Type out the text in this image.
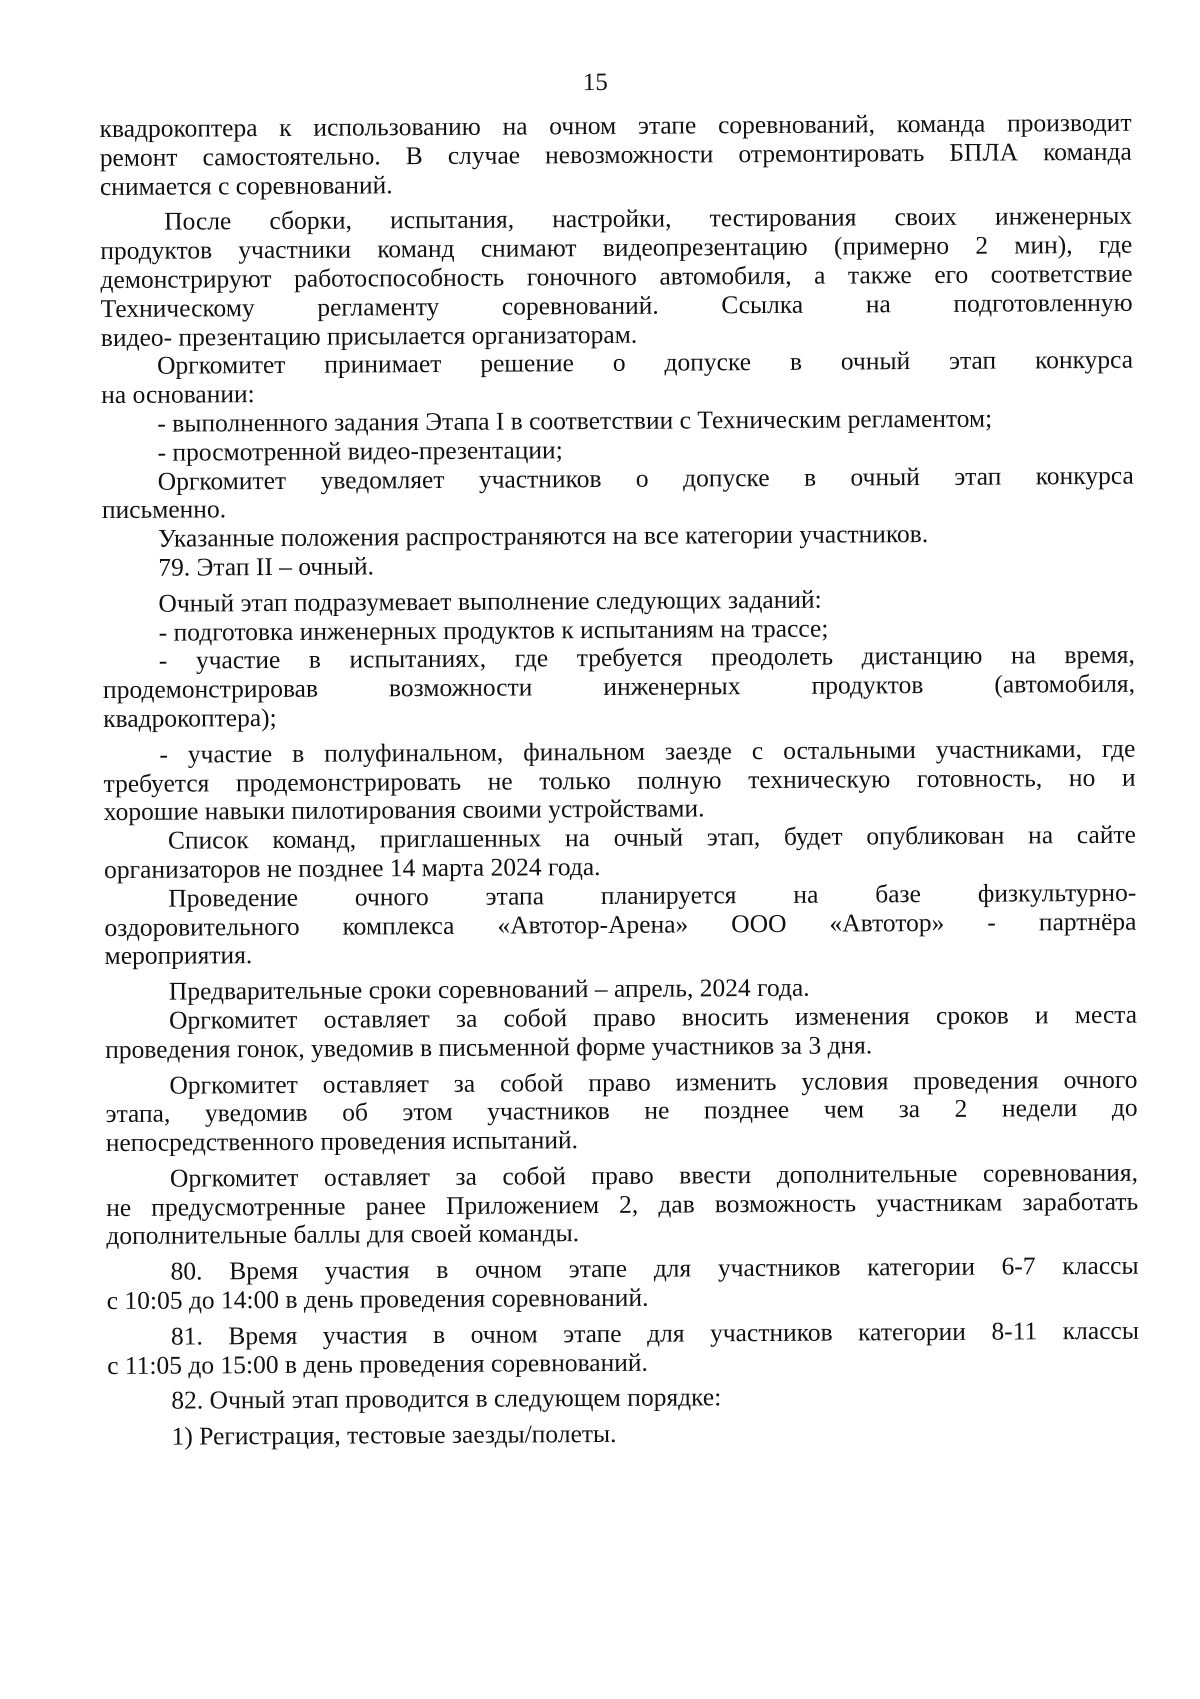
15
квадрокоптера к использованию на очном этапе соревнований, команда производит
ремонт самостоятельно. В случае невозможности отремонтировать БПЛА команда
снимается с соревнований.
После сборки, испытания, настройки, тестирования своих инженерных
продуктов участники команд снимают видеопрезентацию (примерно 2 мин), где
демонстрируют работоспособность гоночного автомобиля, а также его соответствие
Техническому регламенту соревнований. Ссылка на подготовленную
видео- презентацию присылается организаторам.
Оргкомитет принимает решение о допуске в очный этап конкурса
на основании:
- выполненного задания Этапа I в соответствии с Техническим регламентом;
- просмотренной видео-презентации;
Оргкомитет уведомляет участников о допуске в очный этап конкурса
письменно.
Указанные положения распространяются на все категории участников.
79. Этап II – очный.
Очный этап подразумевает выполнение следующих заданий:
- подготовка инженерных продуктов к испытаниям на трассе;
- участие в испытаниях, где требуется преодолеть дистанцию на время,
продемонстрировав возможности инженерных продуктов (автомобиля,
квадрокоптера);
- участие в полуфинальном, финальном заезде с остальными участниками, где
требуется продемонстрировать не только полную техническую готовность, но и
хорошие навыки пилотирования своими устройствами.
Список команд, приглашенных на очный этап, будет опубликован на сайте
организаторов не позднее 14 марта 2024 года.
Проведение очного этапа планируется на базе физкультурно-
оздоровительного комплекса «Автотор-Арена» ООО «Автотор» - партнёра
мероприятия.
Предварительные сроки соревнований – апрель, 2024 года.
Оргкомитет оставляет за собой право вносить изменения сроков и места
проведения гонок, уведомив в письменной форме участников за 3 дня.
Оргкомитет оставляет за собой право изменить условия проведения очного
этапа, уведомив об этом участников не позднее чем за 2 недели до
непосредственного проведения испытаний.
Оргкомитет оставляет за собой право ввести дополнительные соревнования,
не предусмотренные ранее Приложением 2, дав возможность участникам заработать
дополнительные баллы для своей команды.
80. Время участия в очном этапе для участников категории 6-7 классы
с 10:05 до 14:00 в день проведения соревнований.
81. Время участия в очном этапе для участников категории 8-11 классы
с 11:05 до 15:00 в день проведения соревнований.
82. Очный этап проводится в следующем порядке:
1) Регистрация, тестовые заезды/полеты.
